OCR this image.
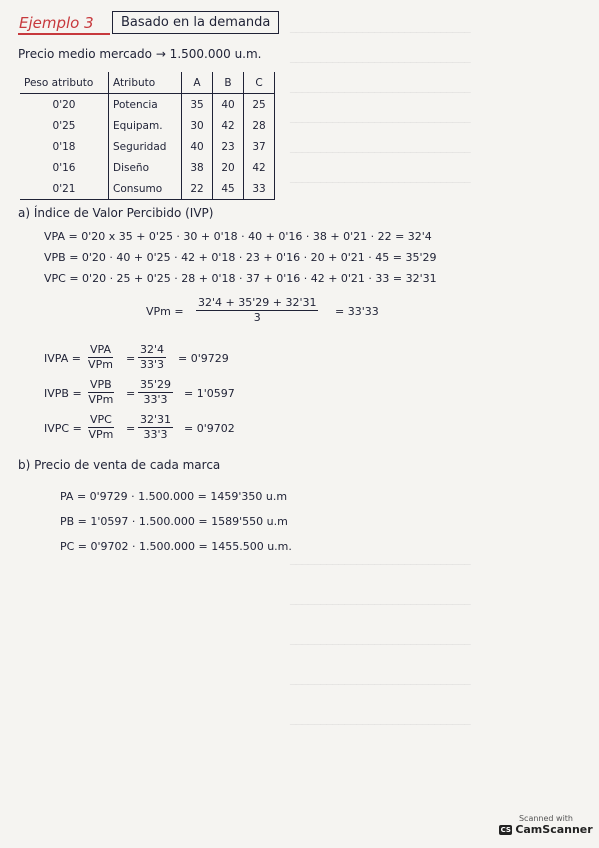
──────────────────────────────
──────────────────────────────
──────────────────────────────
──────────────────────────────
──────────────────────────────
──────────────────────────────
──────────────────────────────
──────────────────────────────
──────────────────────────────
──────────────────────────────
──────────────────────────────
Ejemplo 3	Basado en la demanda
Precio medio mercado → 1.500.000 u.m.
Peso atributo	Atributo	A	B	C
0'20	Potencia	35	40	25
0'25	Equipam.	30	42	28
0'18	Seguridad	40	23	37
0'16	Diseño	38	20	42
0'21	Consumo	22	45	33
a) Índice de Valor Percibido (IVP)
VPA = 0'20 x 35 + 0'25 · 30 + 0'18 · 40 + 0'16 · 38 + 0'21 · 22 = 32'4
VPB = 0'20 · 40 + 0'25 · 42 + 0'18 · 23 + 0'16 · 20 + 0'21 · 45 = 35'29
VPC = 0'20 · 25 + 0'25 · 28 + 0'18 · 37 + 0'16 · 42 + 0'21 · 33 = 32'31
VPm = $\frac{32'4 + 35'29 + 32'31}{3} = 33'33$
IVPA =
VPA
VPm = $\frac{32'4}{33'3} = 0'9729$
IVPB =
VPB
VPm = $\frac{35'29}{33'3} = 1'0597$
IVPC =
VPC
VPm = $\frac{32'31}{33'3} = 0'9702$
b) Precio de venta de cada marca
PA = 0'9729 · 1.500.000 = 1459'350 u.m
PB = 1'0597 · 1.500.000 = 1589'550 u.m
PC = 0'9702 · 1.500.000 = 1455.500 u.m.
Scanned with
CS CamScanner
